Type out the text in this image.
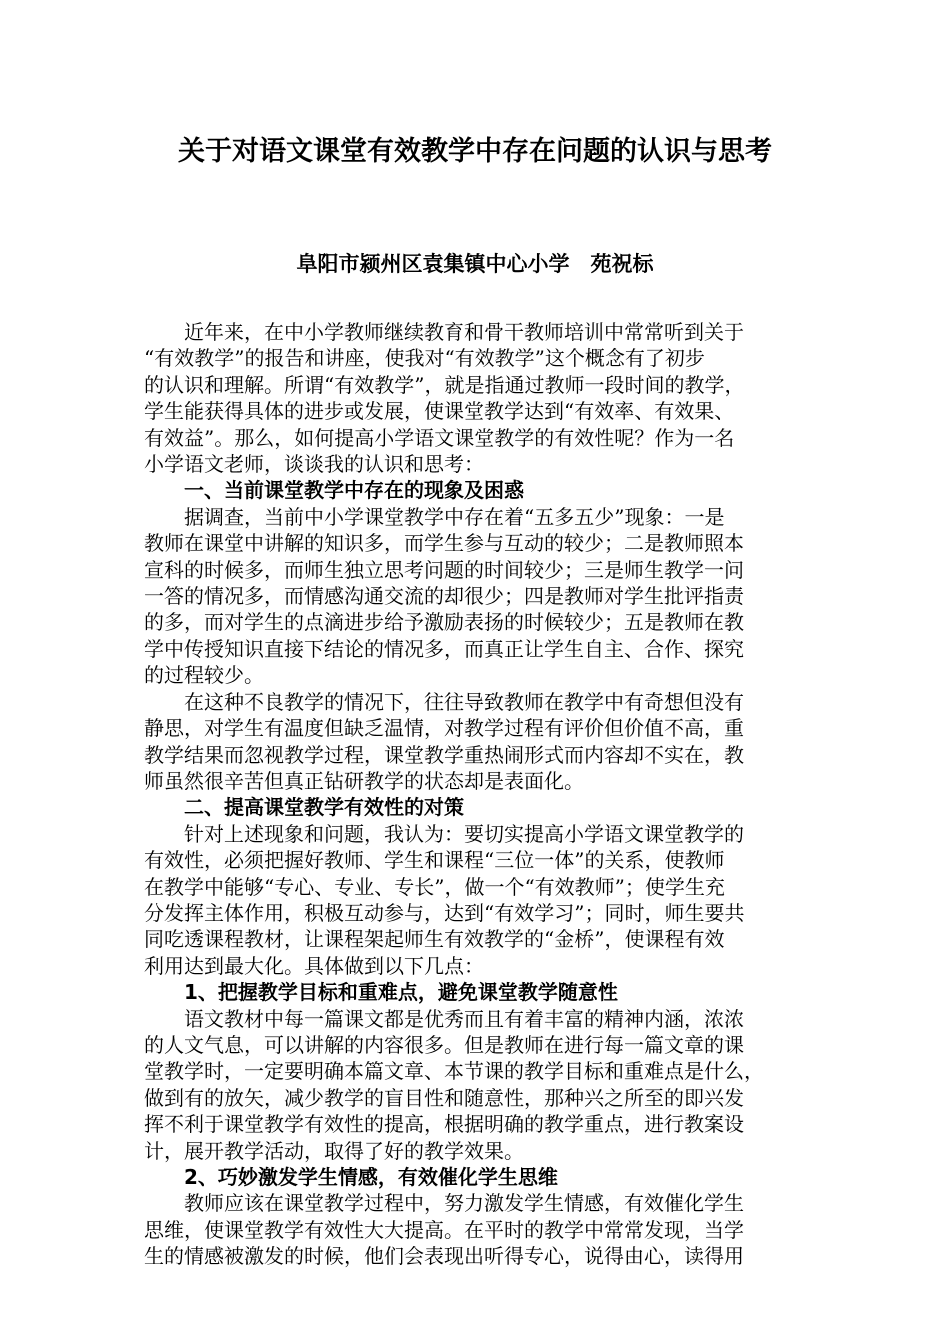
关于对语文课堂有效教学中存在问题的认识与思考
阜阳市颍州区袁集镇中心小学　苑祝标

近年来，在中小学教师继续教育和骨干教师培训中常常听到关于
“有效教学”的报告和讲座，使我对“有效教学”这个概念有了初步
的认识和理解。所谓“有效教学”，就是指通过教师一段时间的教学，
学生能获得具体的进步或发展，使课堂教学达到“有效率、有效果、
有效益”。那么，如何提高小学语文课堂教学的有效性呢？作为一名
小学语文老师，谈谈我的认识和思考：

一、当前课堂教学中存在的现象及困惑

据调查，当前中小学课堂教学中存在着“五多五少”现象：一是
教师在课堂中讲解的知识多，而学生参与互动的较少；二是教师照本
宣科的时候多，而师生独立思考问题的时间较少；三是师生教学一问
一答的情况多，而情感沟通交流的却很少；四是教师对学生批评指责
的多，而对学生的点滴进步给予激励表扬的时候较少；五是教师在教
学中传授知识直接下结论的情况多，而真正让学生自主、合作、探究
的过程较少。

在这种不良教学的情况下，往往导致教师在教学中有奇想但没有
静思，对学生有温度但缺乏温情，对教学过程有评价但价值不高，重
教学结果而忽视教学过程，课堂教学重热闹形式而内容却不实在，教
师虽然很辛苦但真正钻研教学的状态却是表面化。

二、提高课堂教学有效性的对策

针对上述现象和问题，我认为：要切实提高小学语文课堂教学的
有效性，必须把握好教师、学生和课程“三位一体”的关系，使教师
在教学中能够“专心、专业、专长”，做一个“有效教师”；使学生充
分发挥主体作用，积极互动参与，达到“有效学习”；同时，师生要共
同吃透课程教材，让课程架起师生有效教学的“金桥”，使课程有效
利用达到最大化。具体做到以下几点：

1、把握教学目标和重难点，避免课堂教学随意性

语文教材中每一篇课文都是优秀而且有着丰富的精神内涵，浓浓
的人文气息，可以讲解的内容很多。但是教师在进行每一篇文章的课
堂教学时，一定要明确本篇文章、本节课的教学目标和重难点是什么，
做到有的放矢，减少教学的盲目性和随意性，那种兴之所至的即兴发
挥不利于课堂教学有效性的提高，根据明确的教学重点，进行教案设
计，展开教学活动，取得了好的教学效果。

2、巧妙激发学生情感，有效催化学生思维

教师应该在课堂教学过程中，努力激发学生情感，有效催化学生
思维，使课堂教学有效性大大提高。在平时的教学中常常发现，当学
生的情感被激发的时候，他们会表现出听得专心，说得由心，读得用
